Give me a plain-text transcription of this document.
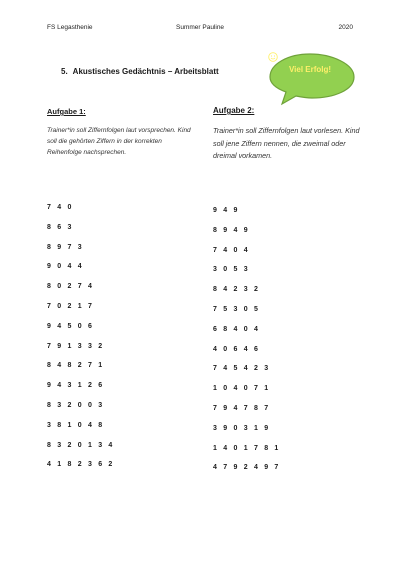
FS Legasthenie	Summer Pauline	2020
5. Akustisches Gedächtnis – Arbeitsblatt	Viel Erfolg!
Aufgabe 1:	Aufgabe 2:
Trainer*in soll Ziffernfolgen laut vorsprechen. Kind soll die gehörten Ziffern in der korrekten Reihenfolge nachsprechen.
Trainer*in soll Ziffernfolgen laut vorlesen. Kind soll jene Ziffern nennen, die zweimal oder dreimal vorkamen.
7 4 0
8 6 3
8 9 7 3
9 0 4 4
8 0 2 7 4
7 0 2 1 7
9 4 5 0 6
7 9 1 3 3 2
8 4 8 2 7 1
9 4 3 1 2 6
8 3 2 0 0 3
3 8 1 0 4 8
8 3 2 0 1 3 4
4 1 8 2 3 6 2
9 4 9
8 9 4 9
7 4 0 4
3 0 5 3
8 4 2 3 2
7 5 3 0 5
6 8 4 0 4
4 0 6 4 6
7 4 5 4 2 3
1 0 4 0 7 1
7 9 4 7 8 7
3 9 0 3 1 9
1 4 0 1 7 8 1
4 7 9 2 4 9 7
